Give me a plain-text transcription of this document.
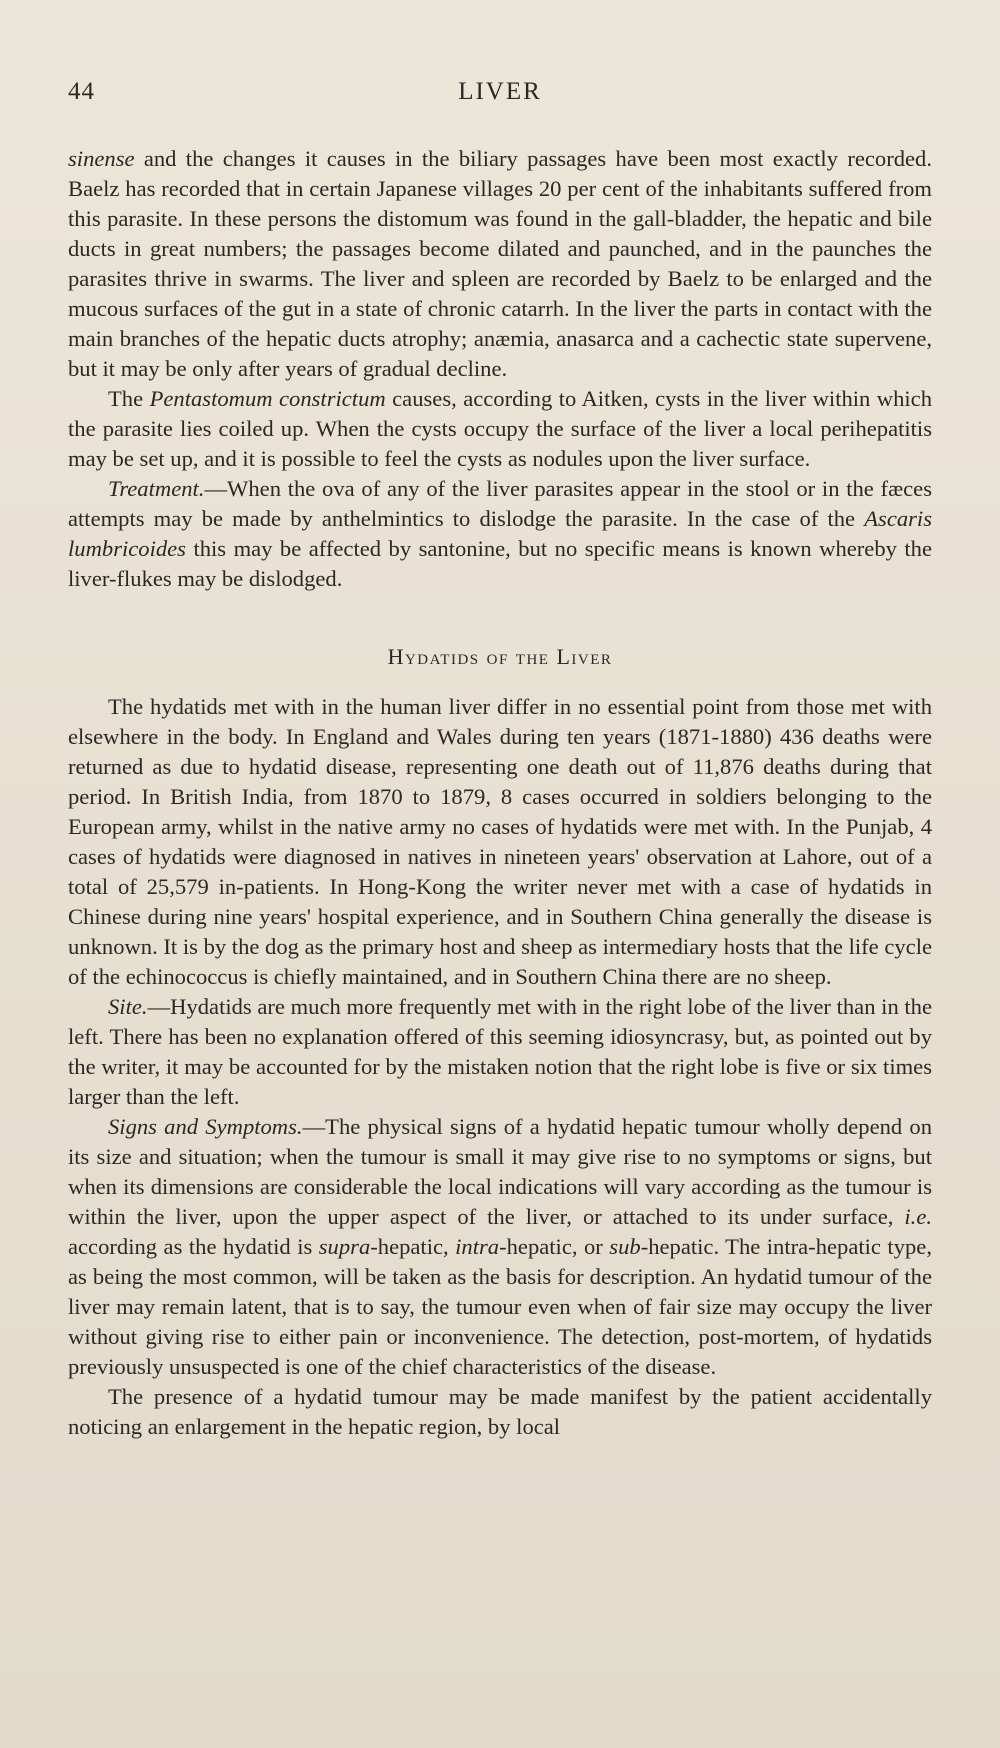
44	LIVER

sinense and the changes it causes in the biliary passages have been most exactly recorded. Baelz has recorded that in certain Japanese villages 20 per cent of the inhabitants suffered from this parasite. In these persons the distomum was found in the gall-bladder, the hepatic and bile ducts in great numbers; the passages become dilated and paunched, and in the paunches the parasites thrive in swarms. The liver and spleen are recorded by Baelz to be enlarged and the mucous surfaces of the gut in a state of chronic catarrh. In the liver the parts in contact with the main branches of the hepatic ducts atrophy; anæmia, anasarca and a cachectic state supervene, but it may be only after years of gradual decline.

The Pentastomum constrictum causes, according to Aitken, cysts in the liver within which the parasite lies coiled up. When the cysts occupy the surface of the liver a local perihepatitis may be set up, and it is possible to feel the cysts as nodules upon the liver surface.

Treatment.—When the ova of any of the liver parasites appear in the stool or in the fæces attempts may be made by anthelmintics to dislodge the parasite. In the case of the Ascaris lumbricoides this may be affected by santonine, but no specific means is known whereby the liver-flukes may be dislodged.

Hydatids of the Liver

The hydatids met with in the human liver differ in no essential point from those met with elsewhere in the body. In England and Wales during ten years (1871-1880) 436 deaths were returned as due to hydatid disease, representing one death out of 11,876 deaths during that period. In British India, from 1870 to 1879, 8 cases occurred in soldiers belonging to the European army, whilst in the native army no cases of hydatids were met with. In the Punjab, 4 cases of hydatids were diagnosed in natives in nineteen years' observation at Lahore, out of a total of 25,579 in-patients. In Hong-Kong the writer never met with a case of hydatids in Chinese during nine years' hospital experience, and in Southern China generally the disease is unknown. It is by the dog as the primary host and sheep as intermediary hosts that the life cycle of the echinococcus is chiefly maintained, and in Southern China there are no sheep.

Site.—Hydatids are much more frequently met with in the right lobe of the liver than in the left. There has been no explanation offered of this seeming idiosyncrasy, but, as pointed out by the writer, it may be accounted for by the mistaken notion that the right lobe is five or six times larger than the left.

Signs and Symptoms.—The physical signs of a hydatid hepatic tumour wholly depend on its size and situation; when the tumour is small it may give rise to no symptoms or signs, but when its dimensions are considerable the local indications will vary according as the tumour is within the liver, upon the upper aspect of the liver, or attached to its under surface, i.e. according as the hydatid is supra-hepatic, intra-hepatic, or sub-hepatic. The intra-hepatic type, as being the most common, will be taken as the basis for description. An hydatid tumour of the liver may remain latent, that is to say, the tumour even when of fair size may occupy the liver without giving rise to either pain or inconvenience. The detection, post-mortem, of hydatids previously unsuspected is one of the chief characteristics of the disease.

The presence of a hydatid tumour may be made manifest by the patient accidentally noticing an enlargement in the hepatic region, by local
